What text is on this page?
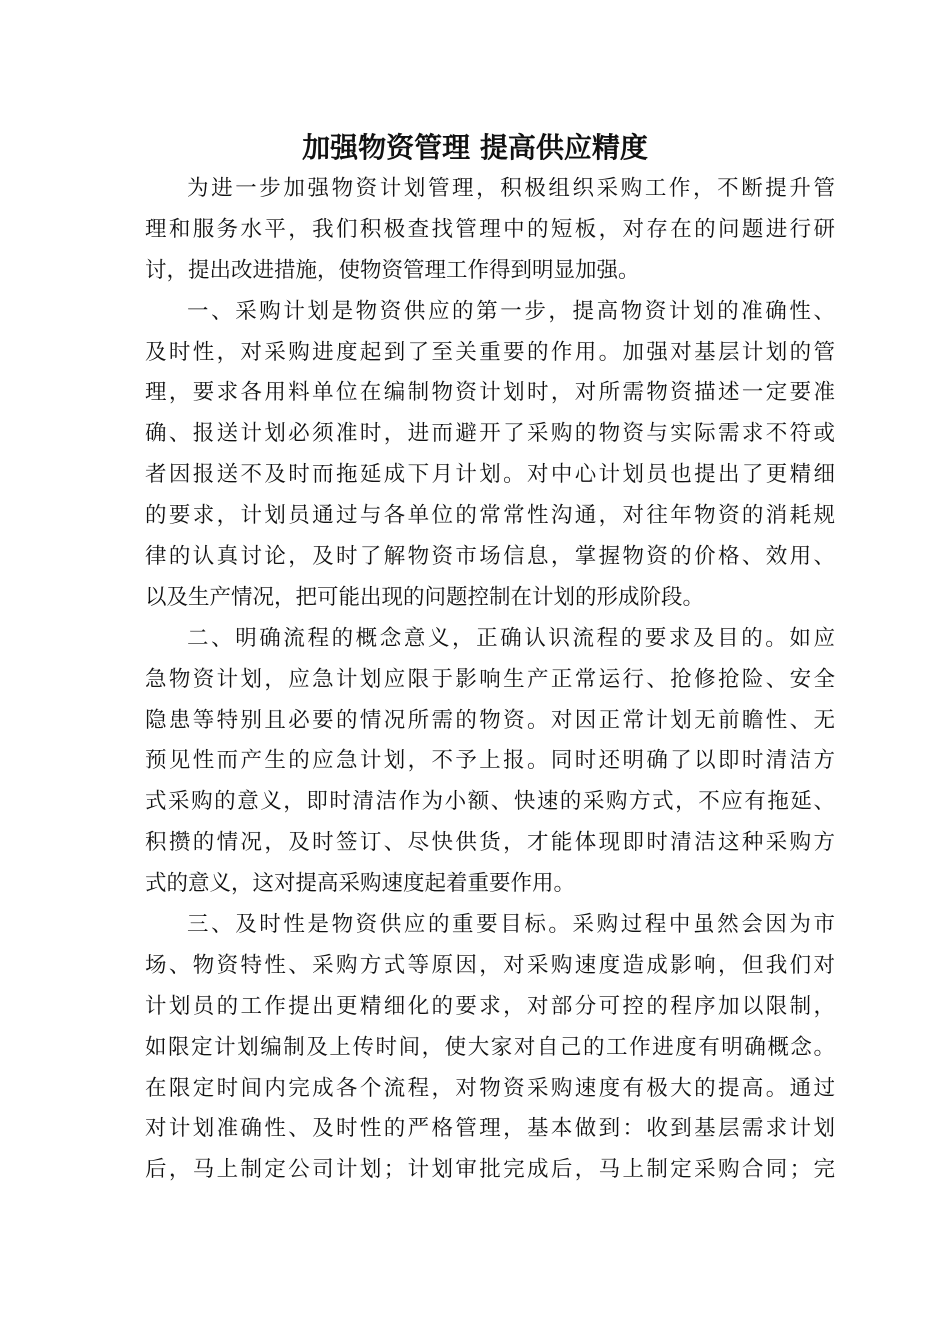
加强物资管理 提高供应精度

为进一步加强物资计划管理，积极组织采购工作，不断提升管

理和服务水平，我们积极查找管理中的短板，对存在的问题进行研

讨，提出改进措施，使物资管理工作得到明显加强。

一、采购计划是物资供应的第一步，提高物资计划的准确性、

及时性，对采购进度起到了至关重要的作用。加强对基层计划的管

理，要求各用料单位在编制物资计划时，对所需物资描述一定要准

确、报送计划必须准时，进而避开了采购的物资与实际需求不符或

者因报送不及时而拖延成下月计划。对中心计划员也提出了更精细

的要求，计划员通过与各单位的常常性沟通，对往年物资的消耗规

律的认真讨论，及时了解物资市场信息，掌握物资的价格、效用、

以及生产情况，把可能出现的问题控制在计划的形成阶段。

二、明确流程的概念意义，正确认识流程的要求及目的。如应

急物资计划，应急计划应限于影响生产正常运行、抢修抢险、安全

隐患等特别且必要的情况所需的物资。对因正常计划无前瞻性、无

预见性而产生的应急计划，不予上报。同时还明确了以即时清洁方

式采购的意义，即时清洁作为小额、快速的采购方式，不应有拖延、

积攒的情况，及时签订、尽快供货，才能体现即时清洁这种采购方

式的意义，这对提高采购速度起着重要作用。

三、及时性是物资供应的重要目标。采购过程中虽然会因为市

场、物资特性、采购方式等原因，对采购速度造成影响，但我们对

计划员的工作提出更精细化的要求，对部分可控的程序加以限制，

如限定计划编制及上传时间，使大家对自己的工作进度有明确概念。

在限定时间内完成各个流程，对物资采购速度有极大的提高。通过

对计划准确性、及时性的严格管理，基本做到：收到基层需求计划

后，马上制定公司计划；计划审批完成后，马上制定采购合同；完
